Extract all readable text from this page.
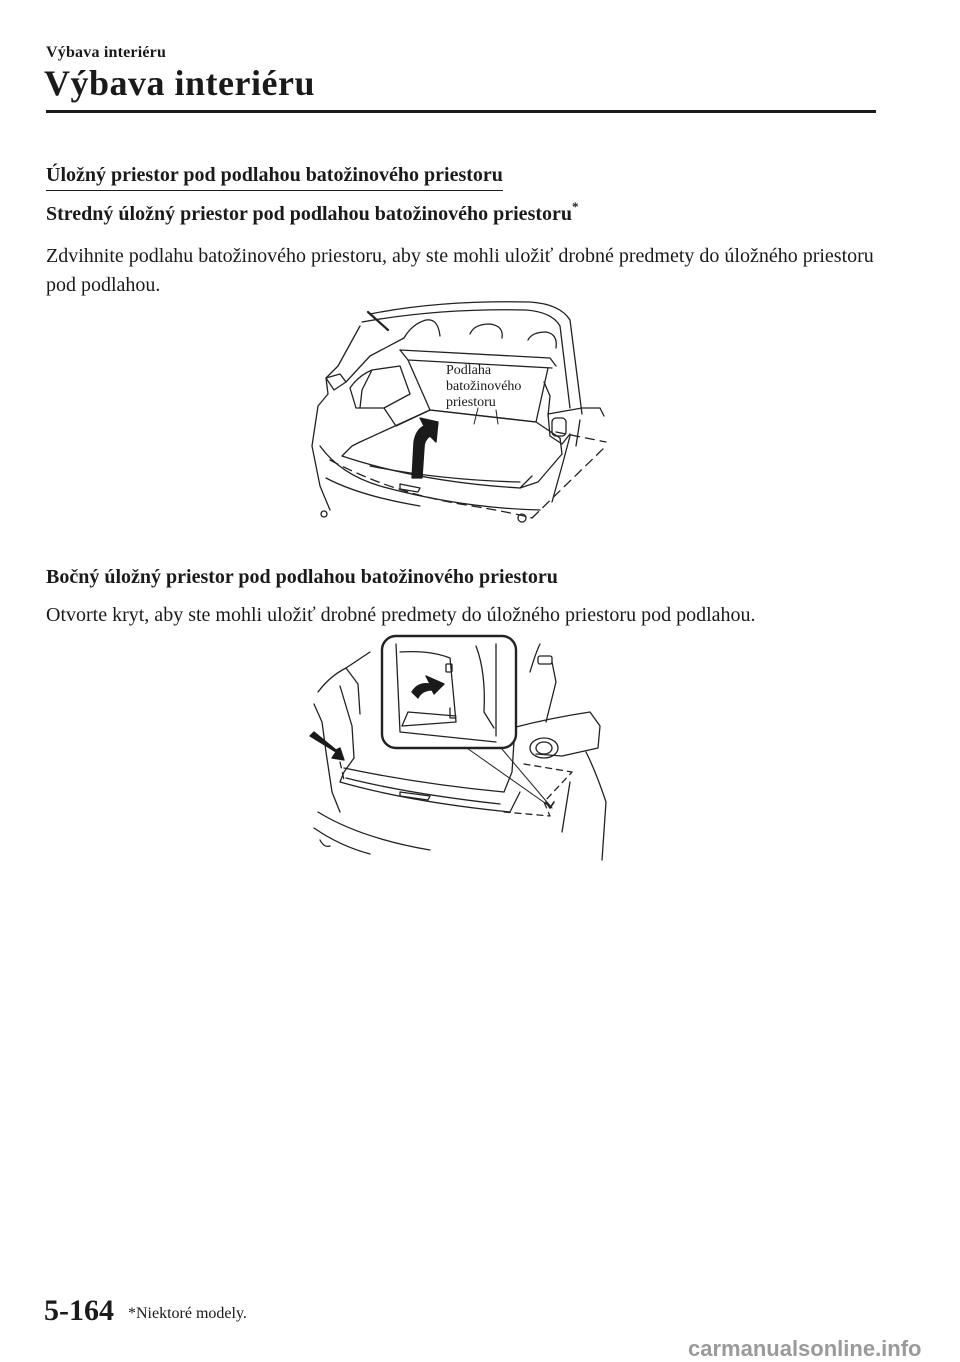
Výbava interiéru
Výbava interiéru
Úložný priestor pod podlahou batožinového priestoru
Stredný úložný priestor pod podlahou batožinového priestoru*
Zdvihnite podlahu batožinového priestoru, aby ste mohli uložiť drobné predmety do úložného priestoru pod podlahou.
Podlaha
batožinového
priestoru
Bočný úložný priestor pod podlahou batožinového priestoru
Otvorte kryt, aby ste mohli uložiť drobné predmety do úložného priestoru pod podlahou.
5-164 *Niektoré modely.
carmanualsonline.info
